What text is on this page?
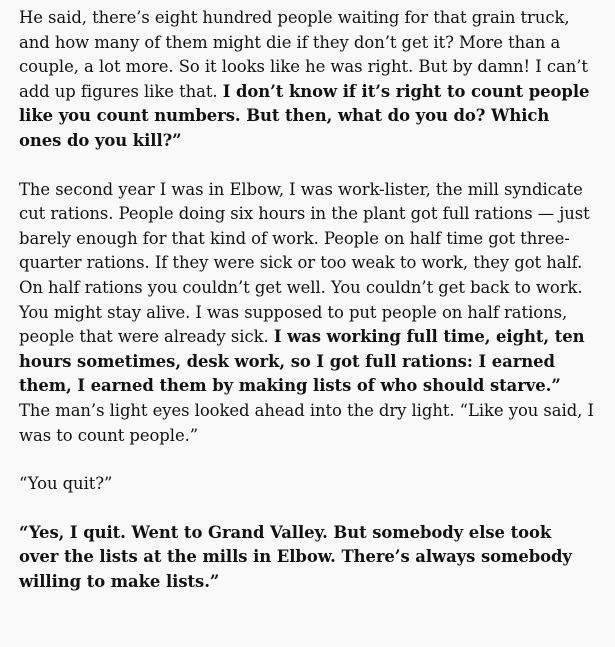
He said, there’s eight hundred people waiting for that grain truck, and how many of them might die if they don’t get it? More than a couple, a lot more. So it looks like he was right. But by damn! I can’t add up figures like that. I don’t know if it’s right to count people like you count numbers. But then, what do you do? Which ones do you kill?”

The second year I was in Elbow, I was work-lister, the mill syndicate cut rations. People doing six hours in the plant got full rations — just barely enough for that kind of work. People on half time got three-quarter rations. If they were sick or too weak to work, they got half. On half rations you couldn’t get well. You couldn’t get back to work. You might stay alive. I was supposed to put people on half rations, people that were already sick. I was working full time, eight, ten hours sometimes, desk work, so I got full rations: I earned them, I earned them by making lists of who should starve.” The man’s light eyes looked ahead into the dry light. “Like you said, I was to count people.”

“You quit?”

“Yes, I quit. Went to Grand Valley. But somebody else took over the lists at the mills in Elbow. There’s always somebody willing to make lists.”
